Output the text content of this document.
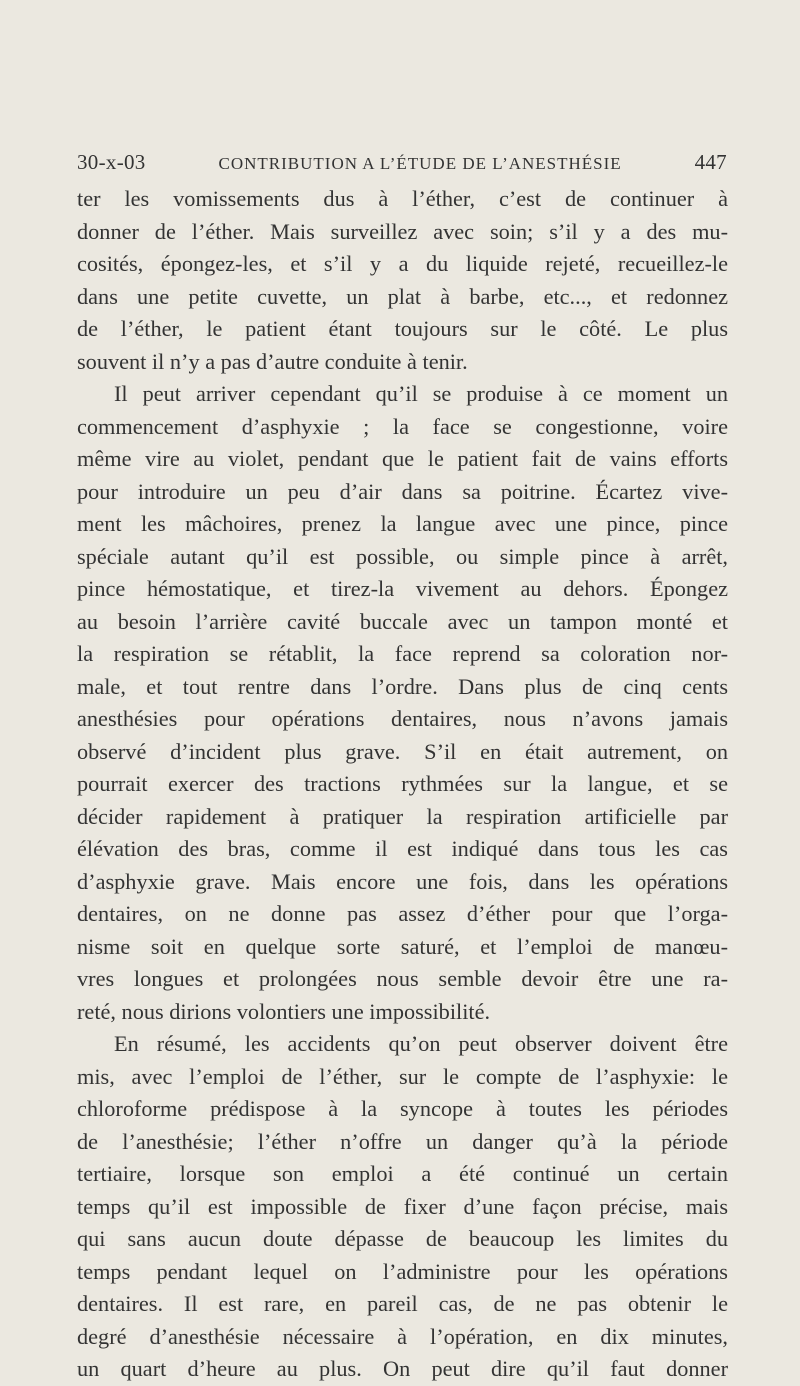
30-x-03	CONTRIBUTION A L’ÉTUDE DE L’ANESTHÉSIE	447
ter les vomissements dus à l’éther, c’est de continuer à
donner de l’éther. Mais surveillez avec soin; s’il y a des mu-
cosités, épongez-les, et s’il y a du liquide rejeté, recueillez-le
dans une petite cuvette, un plat à barbe, etc..., et redonnez
de l’éther, le patient étant toujours sur le côté. Le plus
souvent il n’y a pas d’autre conduite à tenir.
Il peut arriver cependant qu’il se produise à ce moment un
commencement d’asphyxie ; la face se congestionne, voire
même vire au violet, pendant que le patient fait de vains efforts
pour introduire un peu d’air dans sa poitrine. Écartez vive-
ment les mâchoires, prenez la langue avec une pince, pince
spéciale autant qu’il est possible, ou simple pince à arrêt,
pince hémostatique, et tirez-la vivement au dehors. Épongez
au besoin l’arrière cavité buccale avec un tampon monté et
la respiration se rétablit, la face reprend sa coloration nor-
male, et tout rentre dans l’ordre. Dans plus de cinq cents
anesthésies pour opérations dentaires, nous n’avons jamais
observé d’incident plus grave. S’il en était autrement, on
pourrait exercer des tractions rythmées sur la langue, et se
décider rapidement à pratiquer la respiration artificielle par
élévation des bras, comme il est indiqué dans tous les cas
d’asphyxie grave. Mais encore une fois, dans les opérations
dentaires, on ne donne pas assez d’éther pour que l’orga-
nisme soit en quelque sorte saturé, et l’emploi de manœu-
vres longues et prolongées nous semble devoir être une ra-
reté, nous dirions volontiers une impossibilité.
En résumé, les accidents qu’on peut observer doivent être
mis, avec l’emploi de l’éther, sur le compte de l’asphyxie: le
chloroforme prédispose à la syncope à toutes les périodes
de l’anesthésie; l’éther n’offre un danger qu’à la période
tertiaire, lorsque son emploi a été continué un certain
temps qu’il est impossible de fixer d’une façon précise, mais
qui sans aucun doute dépasse de beaucoup les limites du
temps pendant lequel on l’administre pour les opérations
dentaires. Il est rare, en pareil cas, de ne pas obtenir le
degré d’anesthésie nécessaire à l’opération, en dix minutes,
un quart d’heure au plus. On peut dire qu’il faut donner
